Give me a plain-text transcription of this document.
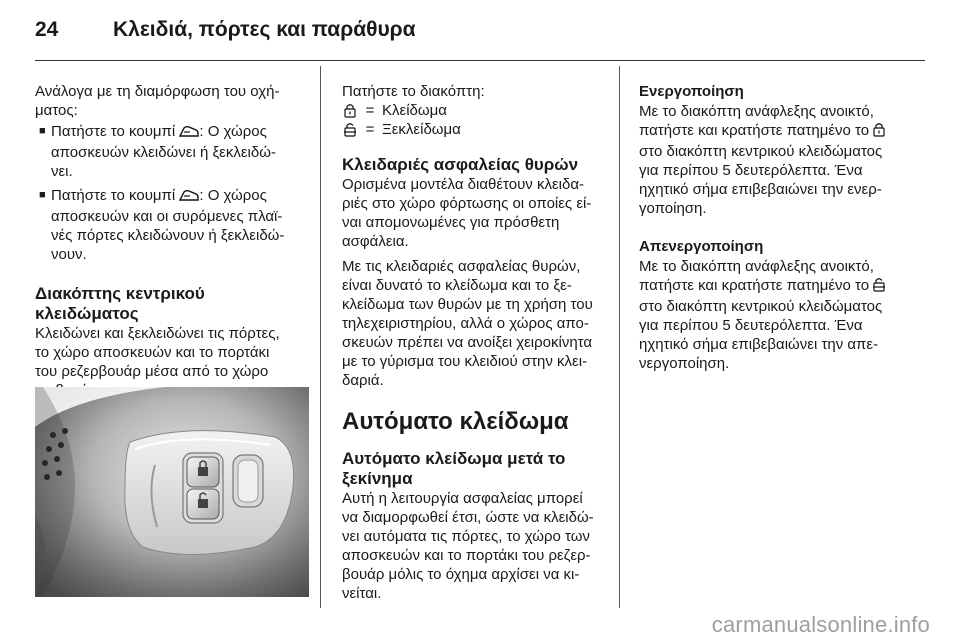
24	Κλειδιά, πόρτες και παράθυρα

Ανάλογα με τη διαμόρφωση του οχή-

ματος:

■ Πατήστε το κουμπί : Ο χώρος

αποσκευών κλειδώνει ή ξεκλειδώ-

νει.

■ Πατήστε το κουμπί : Ο χώρος

αποσκευών και οι συρόμενες πλαϊ-

νές πόρτες κλειδώνουν ή ξεκλειδώ-

νουν.

Διακόπτης κεντρικού

κλειδώματος

Κλειδώνει και ξεκλειδώνει τις πόρτες,

το χώρο αποσκευών και το πορτάκι

του ρεζερβουάρ μέσα από το χώρο

Πατήστε το διακόπτη:

= Κλείδωμα
= Ξεκλείδωμα

Κλειδαριές ασφαλείας θυρών

Ορισμένα μοντέλα διαθέτουν κλειδα-

ριές στο χώρο φόρτωσης οι οποίες εί-

ναι απομονωμένες για πρόσθετη

ασφάλεια.

Με τις κλειδαριές ασφαλείας θυρών,

είναι δυνατό το κλείδωμα και το ξε-

κλείδωμα των θυρών με τη χρήση του

τηλεχειριστηρίου, αλλά ο χώρος απο-

σκευών πρέπει να ανοίξει χειροκίνητα

με το γύρισμα του κλειδιού στην κλει-

δαριά.

Αυτόματο κλείδωμα

Αυτόματο κλείδωμα μετά το

ξεκίνημα

Αυτή η λειτουργία ασφαλείας μπορεί

να διαμορφωθεί έτσι, ώστε να κλειδώ-

νει αυτόματα τις πόρτες, το χώρο των

αποσκευών και το πορτάκι του ρεζερ-

βουάρ μόλις το όχημα αρχίσει να κι-

νείται.

Ενεργοποίηση

Με το διακόπτη ανάφλεξης ανοικτό,

πατήστε και κρατήστε πατημένο το

στο διακόπτη κεντρικού κλειδώματος

για περίπου 5 δευτερόλεπτα. Ένα

ηχητικό σήμα επιβεβαιώνει την ενερ-

γοποίηση.

Απενεργοποίηση

Με το διακόπτη ανάφλεξης ανοικτό,

πατήστε και κρατήστε πατημένο το

στο διακόπτη κεντρικού κλειδώματος

για περίπου 5 δευτερόλεπτα. Ένα

ηχητικό σήμα επιβεβαιώνει την απε-

νεργοποίηση.

carmanualsonline.info
